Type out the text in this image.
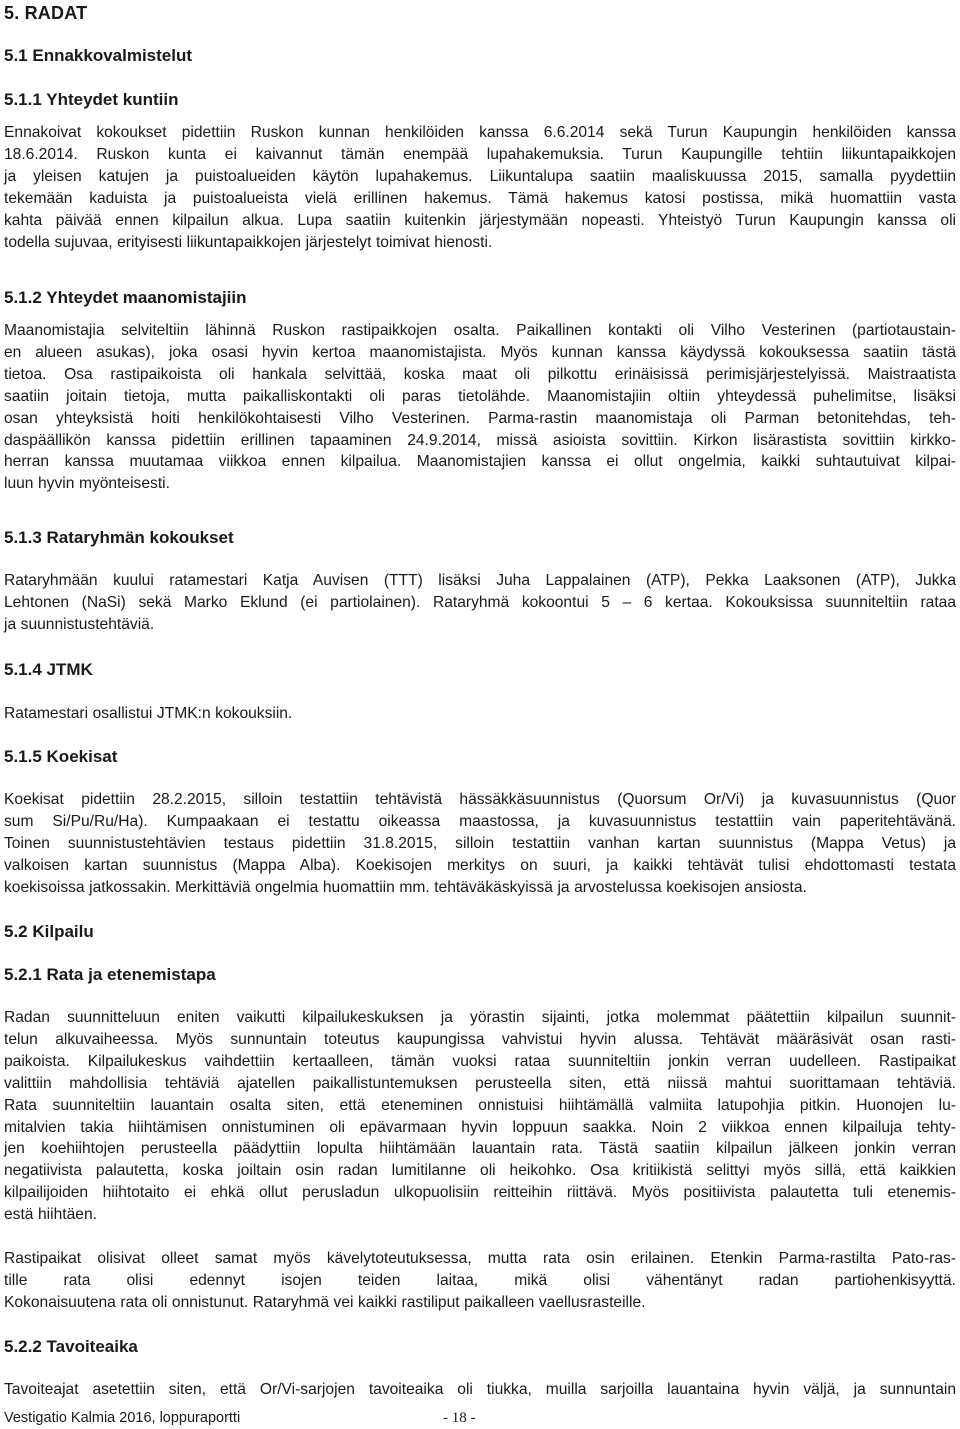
5. RADAT
5.1 Ennakkovalmistelut
5.1.1 Yhteydet kuntiin
Ennakoivat kokoukset pidettiin Ruskon kunnan henkilöiden kanssa 6.6.2014 sekä Turun Kaupungin henkilöiden kanssa
18.6.2014. Ruskon kunta ei kaivannut tämän enempää lupahakemuksia. Turun Kaupungille tehtiin liikuntapaikkojen
ja yleisen katujen ja puistoalueiden käytön lupahakemus. Liikuntalupa saatiin maaliskuussa 2015, samalla pyydettiin
tekemään kaduista ja puistoalueista vielä erillinen hakemus. Tämä hakemus katosi postissa, mikä huomattiin vasta
kahta päivää ennen kilpailun alkua. Lupa saatiin kuitenkin järjestymään nopeasti. Yhteistyö Turun Kaupungin kanssa oli
todella sujuvaa, erityisesti liikuntapaikkojen järjestelyt toimivat hienosti.
5.1.2 Yhteydet maanomistajiin
Maanomistajia selviteltiin lähinnä Ruskon rastipaikkojen osalta. Paikallinen kontakti oli Vilho Vesterinen (partiotaustain-
en alueen asukas), joka osasi hyvin kertoa maanomistajista. Myös kunnan kanssa käydyssä kokouksessa saatiin tästä
tietoa. Osa rastipaikoista oli hankala selvittää, koska maat oli pilkottu erinäisissä perimisjärjestelyissä. Maistraatista
saatiin joitain tietoja, mutta paikalliskontakti oli paras tietolähde. Maanomistajiin oltiin yhteydessä puhelimitse, lisäksi
osan yhteyksistä hoiti henkilökohtaisesti Vilho Vesterinen. Parma-rastin maanomistaja oli Parman betonitehdas, teh-
daspäällikön kanssa pidettiin erillinen tapaaminen 24.9.2014, missä asioista sovittiin. Kirkon lisärastista sovittiin kirkko-
herran kanssa muutamaa viikkoa ennen kilpailua. Maanomistajien kanssa ei ollut ongelmia, kaikki suhtautuivat kilpai-
luun hyvin myönteisesti.
5.1.3 Rataryhmän kokoukset
Rataryhmään kuului ratamestari Katja Auvisen (TTT) lisäksi Juha Lappalainen (ATP), Pekka Laaksonen (ATP), Jukka
Lehtonen (NaSi) sekä Marko Eklund (ei partiolainen). Rataryhmä kokoontui 5 – 6 kertaa. Kokouksissa suunniteltiin rataa
ja suunnistustehtäviä.
5.1.4 JTMK
Ratamestari osallistui JTMK:n kokouksiin.
5.1.5 Koekisat
Koekisat pidettiin 28.2.2015, silloin testattiin tehtävistä hässäkkäsuunnistus (Quorsum Or/Vi) ja kuvasuunnistus (Quor
sum Si/Pu/Ru/Ha). Kumpaakaan ei testattu oikeassa maastossa, ja kuvasuunnistus testattiin vain paperitehtävänä.
Toinen suunnistustehtävien testaus pidettiin 31.8.2015, silloin testattiin vanhan kartan suunnistus (Mappa Vetus) ja
valkoisen kartan suunnistus (Mappa Alba). Koekisojen merkitys on suuri, ja kaikki tehtävät tulisi ehdottomasti testata
koekisoissa jatkossakin. Merkittäviä ongelmia huomattiin mm. tehtäväkäskyissä ja arvostelussa koekisojen ansiosta.
5.2 Kilpailu
5.2.1 Rata ja etenemistapa
Radan suunnitteluun eniten vaikutti kilpailukeskuksen ja yörastin sijainti, jotka molemmat päätettiin kilpailun suunnit-
telun alkuvaiheessa. Myös sunnuntain toteutus kaupungissa vahvistui hyvin alussa. Tehtävät määräsivät osan rasti-
paikoista. Kilpailukeskus vaihdettiin kertaalleen, tämän vuoksi rataa suunniteltiin jonkin verran uudelleen. Rastipaikat
valittiin mahdollisia tehtäviä ajatellen paikallistuntemuksen perusteella siten, että niissä mahtui suorittamaan tehtäviä.
Rata suunniteltiin lauantain osalta siten, että eteneminen onnistuisi hiihtämällä valmiita latupohjia pitkin. Huonojen lu-
mitalvien takia hiihtämisen onnistuminen oli epävarmaan hyvin loppuun saakka. Noin 2 viikkoa ennen kilpailuja tehty-
jen koehiihtojen perusteella päädyttiin lopulta hiihtämään lauantain rata. Tästä saatiin kilpailun jälkeen jonkin verran
negatiivista palautetta, koska joiltain osin radan lumitilanne oli heikohko. Osa kritiikistä selittyi myös sillä, että kaikkien
kilpailijoiden hiihtotaito ei ehkä ollut perusladun ulkopuolisiin reitteihin riittävä. Myös positiivista palautetta tuli etenemis-
estä hiihtäen.
Rastipaikat olisivat olleet samat myös kävelytoteutuksessa, mutta rata osin erilainen. Etenkin Parma-rastilta Pato-ras-
tille rata olisi edennyt isojen teiden laitaa, mikä olisi vähentänyt radan partiohenkisyyttä.
Kokonaisuutena rata oli onnistunut. Rataryhmä vei kaikki rastiliput paikalleen vaellusrasteille.
5.2.2 Tavoiteaika
Tavoiteajat asetettiin siten, että Or/Vi-sarjojen tavoiteaika oli tiukka, muilla sarjoilla lauantaina hyvin väljä, ja sunnuntain
Vestigatio Kalmia 2016, loppuraportti	- 18 -
